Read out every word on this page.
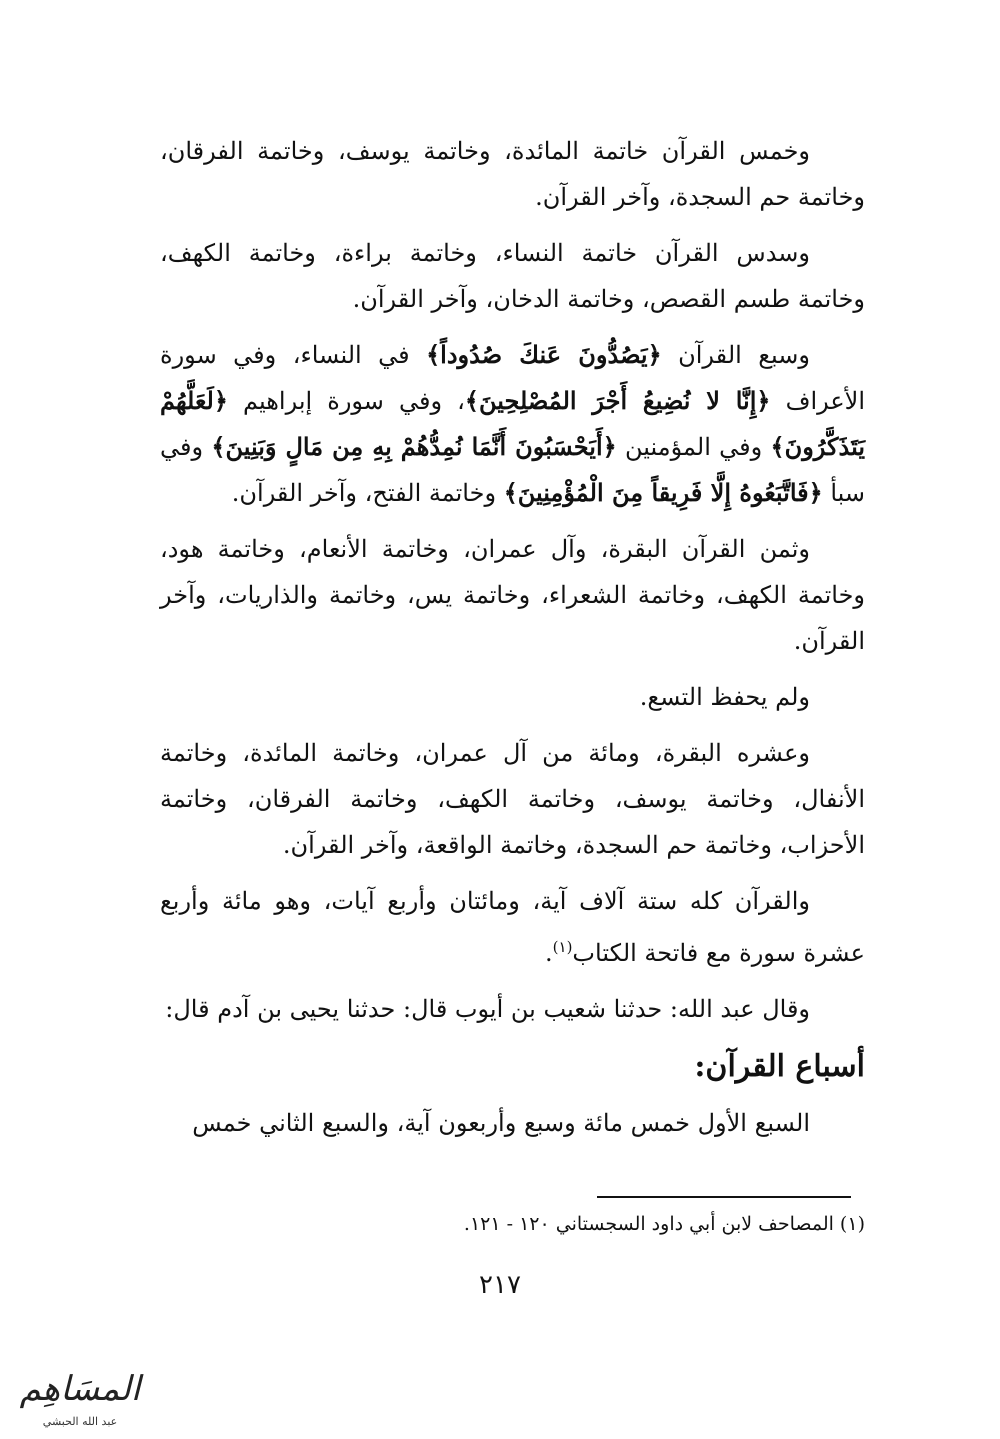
وخمس القرآن خاتمة المائدة، وخاتمة يوسف، وخاتمة الفرقان، وخاتمة حم السجدة، وآخر القرآن.

وسدس القرآن خاتمة النساء، وخاتمة براءة، وخاتمة الكهف، وخاتمة طسم القصص، وخاتمة الدخان، وآخر القرآن.

وسبع القرآن ﴿يَصُدُّونَ عَنكَ صُدُوداً﴾ في النساء، وفي سورة الأعراف ﴿إِنَّا لا نُضِيعُ أَجْرَ المُصْلِحِينَ﴾، وفي سورة إبراهيم ﴿لَعَلَّهُمْ يَتَذَكَّرُونَ﴾ وفي المؤمنين ﴿أَيَحْسَبُونَ أَنَّمَا نُمِدُّهُمْ بِهِ مِن مَالٍ وَبَنِينَ﴾ وفي سبأ ﴿فَاتَّبَعُوهُ إِلَّا فَرِيقاً مِنَ الْمُؤْمِنِينَ﴾ وخاتمة الفتح، وآخر القرآن.

وثمن القرآن البقرة، وآل عمران، وخاتمة الأنعام، وخاتمة هود، وخاتمة الكهف، وخاتمة الشعراء، وخاتمة يس، وخاتمة والذاريات، وآخر القرآن.

ولم يحفظ التسع.

وعشره البقرة، ومائة من آل عمران، وخاتمة المائدة، وخاتمة الأنفال، وخاتمة يوسف، وخاتمة الكهف، وخاتمة الفرقان، وخاتمة الأحزاب، وخاتمة حم السجدة، وخاتمة الواقعة، وآخر القرآن.

والقرآن كله ستة آلاف آية، ومائتان وأربع آيات، وهو مائة وأربع عشرة سورة مع فاتحة الكتاب$^{(١)}$.

وقال عبد الله: حدثنا شعيب بن أيوب قال: حدثنا يحيى بن آدم قال:

أسباع القرآن:

السبع الأول خمس مائة وسبع وأربعون آية، والسبع الثاني خمس

(١) المصاحف لابن أبي داود السجستاني ١٢٠ - ١٢١.
٢١٧
المسَاهِم
عبد الله الحبشي
